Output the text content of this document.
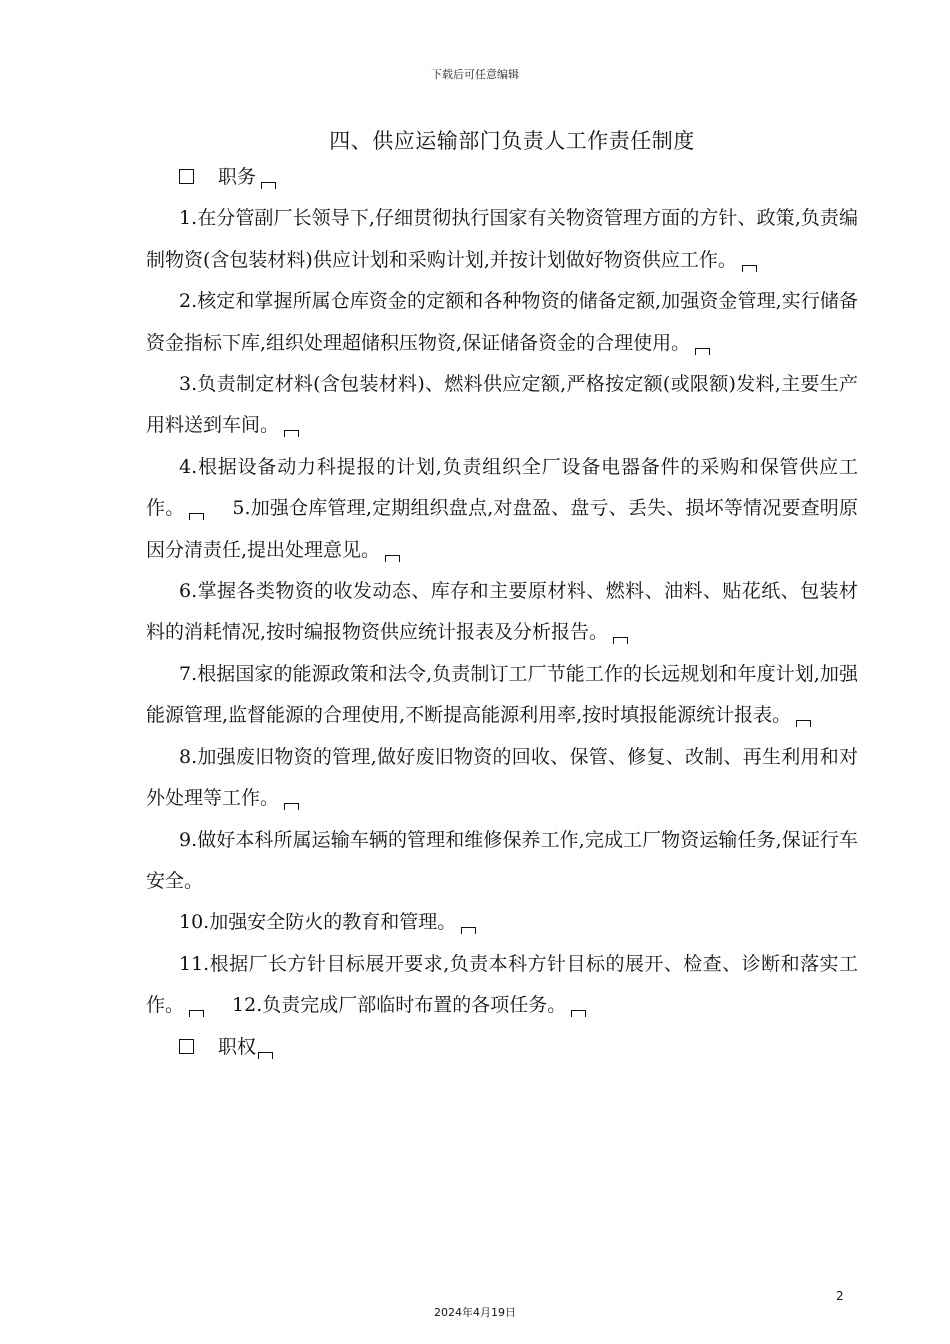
下载后可任意编辑
四、供应运输部门负责人工作责任制度
职务

1.在分管副厂长领导下,仔细贯彻执行国家有关物资管理方面的方针、政策,负责编制物资(含包装材料)供应计划和采购计划,并按计划做好物资供应工作。

2.核定和掌握所属仓库资金的定额和各种物资的储备定额,加强资金管理,实行储备资金指标下库,组织处理超储积压物资,保证储备资金的合理使用。

3.负责制定材料(含包装材料)、燃料供应定额,严格按定额(或限额)发料,主要生产用料送到车间。

4.根据设备动力科提报的计划,负责组织全厂设备电器备件的采购和保管供应工作。	5.加强仓库管理,定期组织盘点,对盘盈、盘亏、丢失、损坏等情况要查明原因分清责任,提出处理意见。

6.掌握各类物资的收发动态、库存和主要原材料、燃料、油料、贴花纸、包装材料的消耗情况,按时编报物资供应统计报表及分析报告。

7.根据国家的能源政策和法令,负责制订工厂节能工作的长远规划和年度计划,加强能源管理,监督能源的合理使用,不断提高能源利用率,按时填报能源统计报表。

8.加强废旧物资的管理,做好废旧物资的回收、保管、修复、改制、再生利用和对外处理等工作。

9.做好本科所属运输车辆的管理和维修保养工作,完成工厂物资运输任务,保证行车安全。

10.加强安全防火的教育和管理。

11.根据厂长方针目标展开要求,负责本科方针目标的展开、检查、诊断和落实工作。	12.负责完成厂部临时布置的各项任务。

职权
2
2024年4月19日
